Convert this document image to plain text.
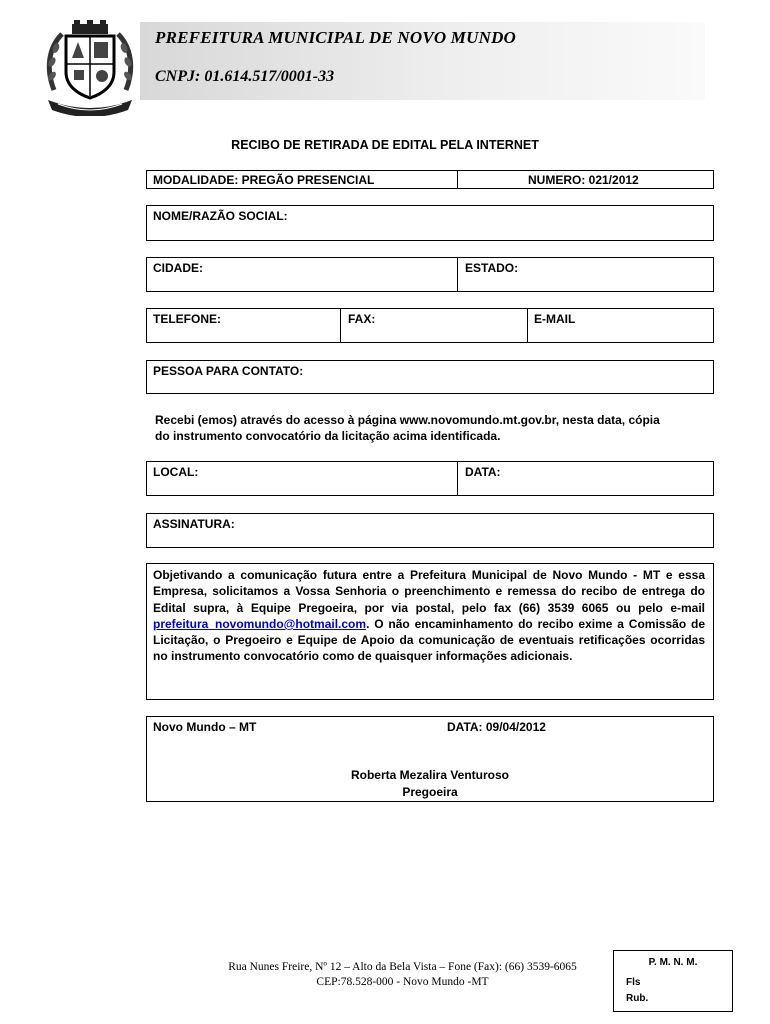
PREFEITURA MUNICIPAL DE NOVO MUNDO
CNPJ: 01.614.517/0001-33
RECIBO DE RETIRADA DE EDITAL PELA INTERNET
MODALIDADE: PREGÃO PRESENCIAL	NUMERO: 021/2012
NOME/RAZÃO SOCIAL:
CIDADE:	ESTADO:
TELEFONE:	FAX:	E-MAIL
PESSOA PARA CONTATO:
Recebi (emos) através do acesso à página www.novomundo.mt.gov.br, nesta data, cópia
do instrumento convocatório da licitação acima identificada.
LOCAL:	DATA:
ASSINATURA:
Objetivando a comunicação futura entre a Prefeitura Municipal de Novo Mundo - MT e essa Empresa, solicitamos a Vossa Senhoria o preenchimento e remessa do recibo de entrega do Edital supra, à Equipe Pregoeira, por via postal, pelo fax (66) 3539 6065 ou pelo e-mail prefeitura_novomundo@hotmail.com. O não encaminhamento do recibo exime a Comissão de Licitação, o Pregoeiro e Equipe de Apoio da comunicação de eventuais retificações ocorridas no instrumento convocatório como de quaisquer informações adicionais.
Novo Mundo – MT	DATA: 09/04/2012
Roberta Mezalira Venturoso
Pregoeira
Rua Nunes Freire, Nº 12 – Alto da Bela Vista – Fone (Fax): (66) 3539-6065
CEP:78.528-000 - Novo Mundo -MT
P. M. N. M.
Fls
Rub.
